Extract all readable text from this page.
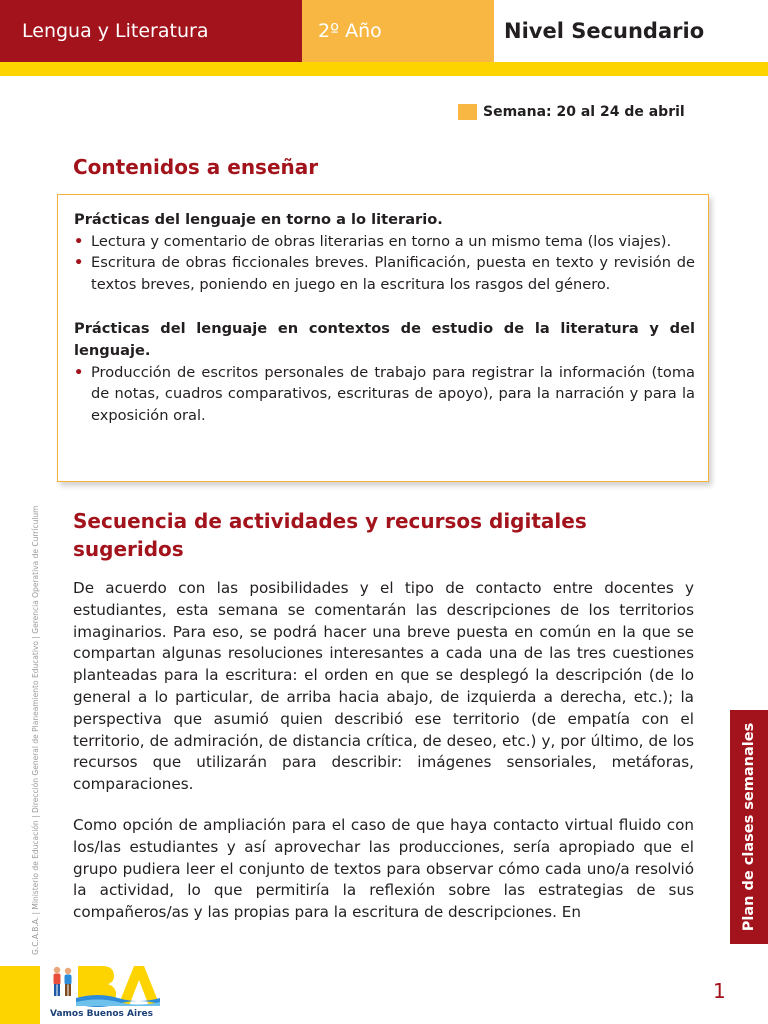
Lengua y Literatura	2º Año	Nivel Secundario
Semana: 20 al 24 de abril
Contenidos a enseñar

Prácticas del lenguaje en torno a lo literario.

• Lectura y comentario de obras literarias en torno a un mismo tema (los viajes).
• Escritura de obras ficcionales breves. Planificación, puesta en texto y revisión de textos breves, poniendo en juego en la escritura los rasgos del género.

Prácticas del lenguaje en contextos de estudio de la literatura y del lenguaje.

• Producción de escritos personales de trabajo para registrar la información (toma de notas, cuadros comparativos, escrituras de apoyo), para la narración y para la exposición oral.
Secuencia de actividades y recursos digitales sugeridos

De acuerdo con las posibilidades y el tipo de contacto entre docentes y estudiantes, esta semana se comentarán las descripciones de los territorios imaginarios. Para eso, se podrá hacer una breve puesta en común en la que se compartan algunas resoluciones interesantes a cada una de las tres cuestiones planteadas para la escritura: el orden en que se desplegó la descripción (de lo general a lo particular, de arriba hacia abajo, de izquierda a derecha, etc.); la perspectiva que asumió quien describió ese territorio (de empatía con el territorio, de admiración, de distancia crítica, de deseo, etc.) y, por último, de los recursos que utilizarán para describir: imágenes sensoriales, metáforas, comparaciones.

Como opción de ampliación para el caso de que haya contacto virtual fluido con los/las estudiantes y así aprovechar las producciones, sería apropiado que el grupo pudiera leer el conjunto de textos para observar cómo cada uno/a resolvió la actividad, lo que permitiría la reflexión sobre las estrategias de sus compañeros/as y las propias para la escritura de descripciones. En

G.C.A.B.A. | Ministerio de Educación | Dirección General de Planeamiento Educativo | Gerencia Operativa de Currículum	Plan de clases semanales
Vamos Buenos Aires
1
